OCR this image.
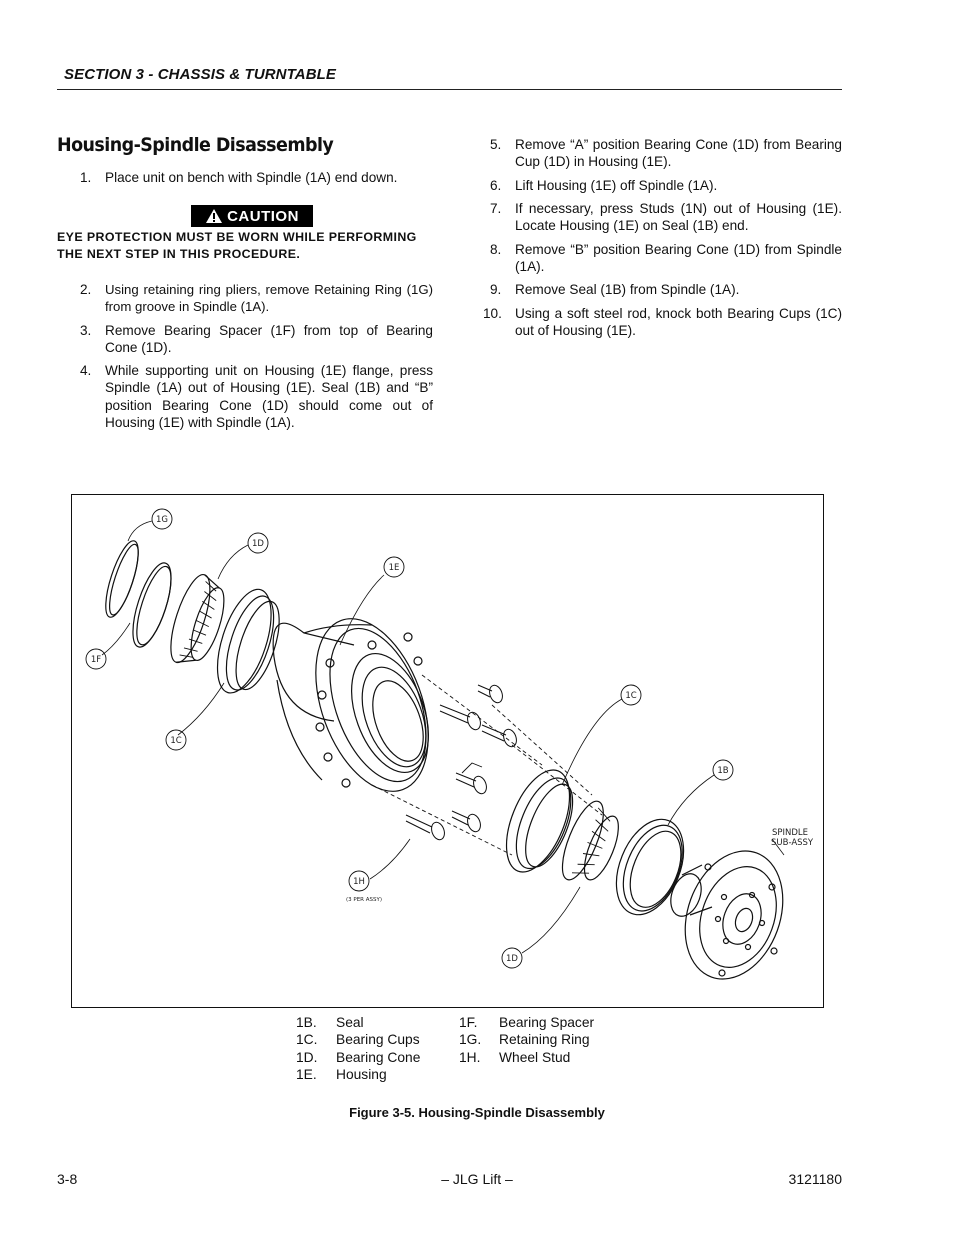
SECTION 3 - CHASSIS & TURNTABLE
Housing-Spindle Disassembly
1. Place unit on bench with Spindle (1A) end down.
CAUTION
EYE PROTECTION MUST BE WORN WHILE PERFORMING THE NEXT STEP IN THIS PROCEDURE.
2. Using retaining ring pliers, remove Retaining Ring (1G) from groove in Spindle (1A).
3. Remove Bearing Spacer (1F) from top of Bearing Cone (1D).
4. While supporting unit on Housing (1E) flange, press Spindle (1A) out of Housing (1E). Seal (1B) and “B” position Bearing Cone (1D) should come out of Housing (1E) with Spindle (1A).
5. Remove “A” position Bearing Cone (1D) from Bearing Cup (1D) in Housing (1E).
6. Lift Housing (1E) off Spindle (1A).
7. If necessary, press Studs (1N) out of Housing (1E). Locate Housing (1E) on Seal (1B) end.
8. Remove “B” position Bearing Cone (1D) from Spindle (1A).
9. Remove Seal (1B) from Spindle (1A).
10. Using a soft steel rod, knock both Bearing Cups (1C) out of Housing (1E).
1G
1D
1E
1F
1C
1C
1B
1H
1D
SPINDLE
SUB-ASSY
(3 PER ASSY)
1B. Seal
1C. Bearing Cups
1D. Bearing Cone
1E. Housing
1F. Bearing Spacer
1G. Retaining Ring
1H. Wheel Stud
Figure 3-5. Housing-Spindle Disassembly
3-8	– JLG Lift –	3121180
